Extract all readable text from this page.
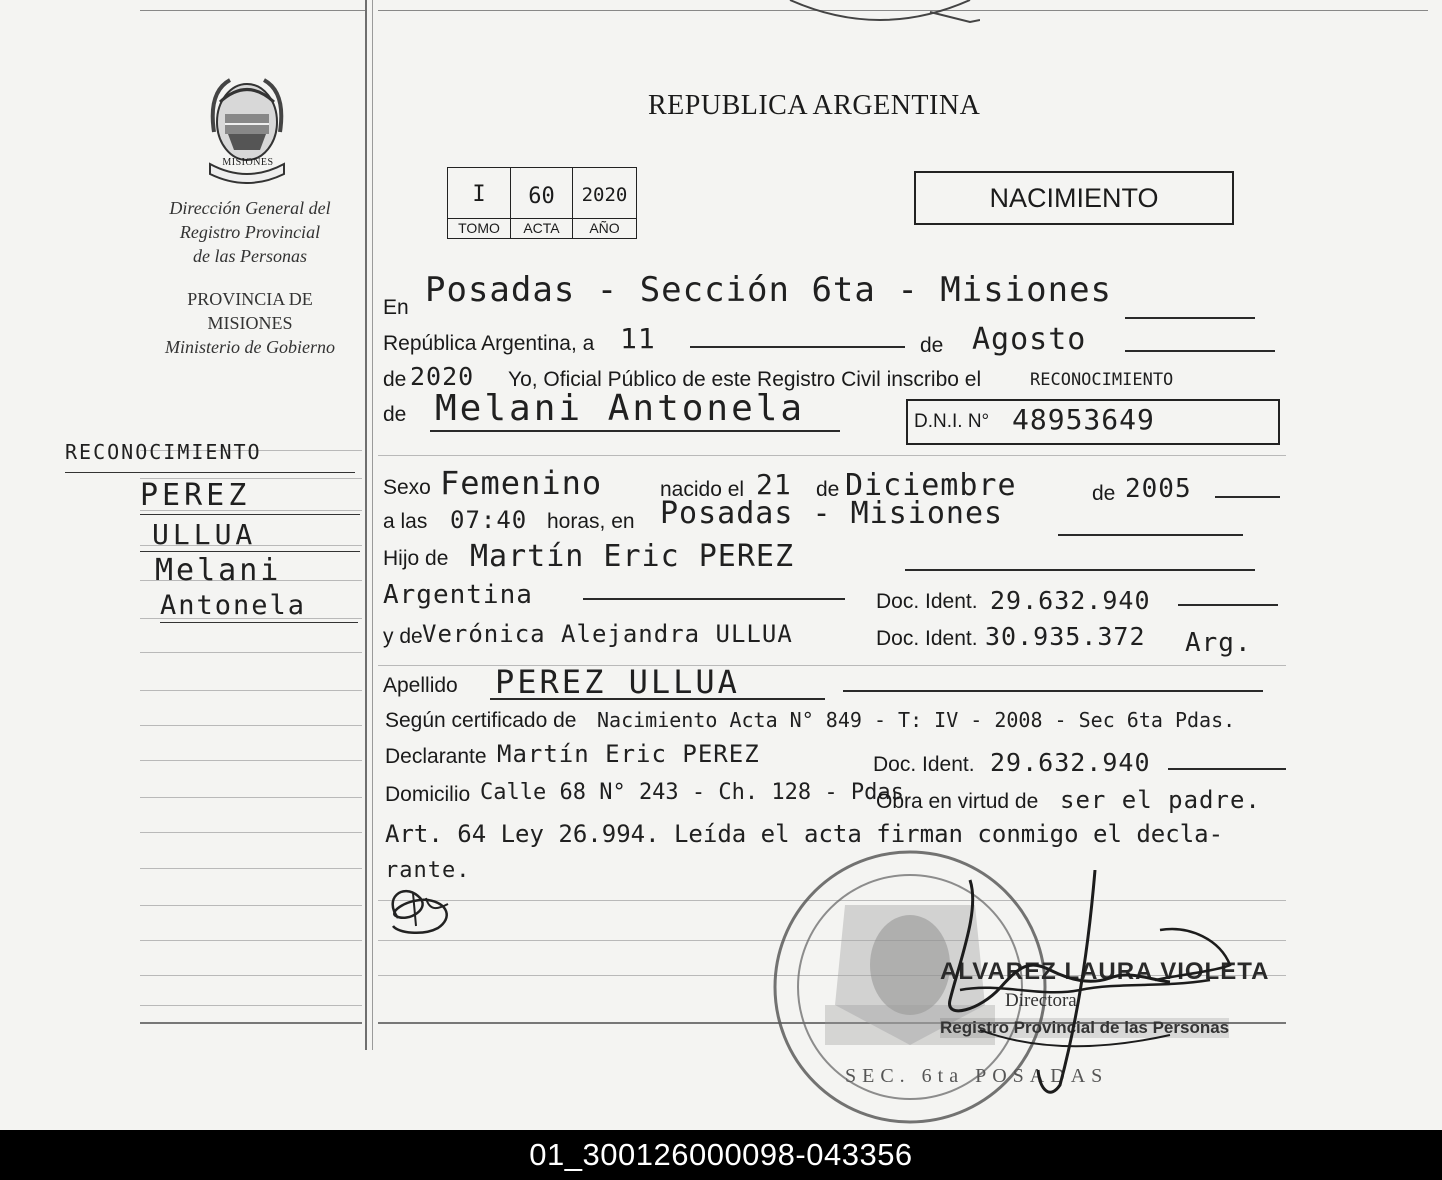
MISIONES
Dirección General del
Registro Provincial
de las Personas
PROVINCIA DE
MISIONES
Ministerio de Gobierno
RECONOCIMIENTO
PEREZ
ULLUA
Melani
Antonela
REPUBLICA ARGENTINA
NACIMIENTO
I	60	2020
TOMO	ACTA	AÑO
En Posadas - Sección 6ta - Misiones
República Argentina, a 11	de Agosto
de 2020 Yo, Oficial Público de este Registro Civil inscribo el	RECONOCIMIENTO
de Melani Antonela	D.N.I. N° 48953649
Sexo Femenino	nacido el 21 de Diciembre	de 2005
a las 07:40 horas, en Posadas - Misiones
Hijo de Martín Eric PEREZ
Argentina	Doc. Ident. 29.632.940
y de Verónica Alejandra ULLUA	Doc. Ident. 30.935.372 Arg.
Apellido PEREZ ULLUA
Según certificado de Nacimiento Acta N° 849 - T: IV - 2008 - Sec 6ta Pdas.
Declarante Martín Eric PEREZ	Doc. Ident. 29.632.940
Domicilio Calle 68 N° 243 - Ch. 128 - Pdas
Obra en virtud de ser el padre.
Art. 64 Ley 26.994. Leída el acta firman conmigo el decla-
rante.
SEC. 6ta POSADAS
ALVAREZ LAURA VIOLETA
Directora
Registro Provincial de las Personas
01_300126000098-043356
